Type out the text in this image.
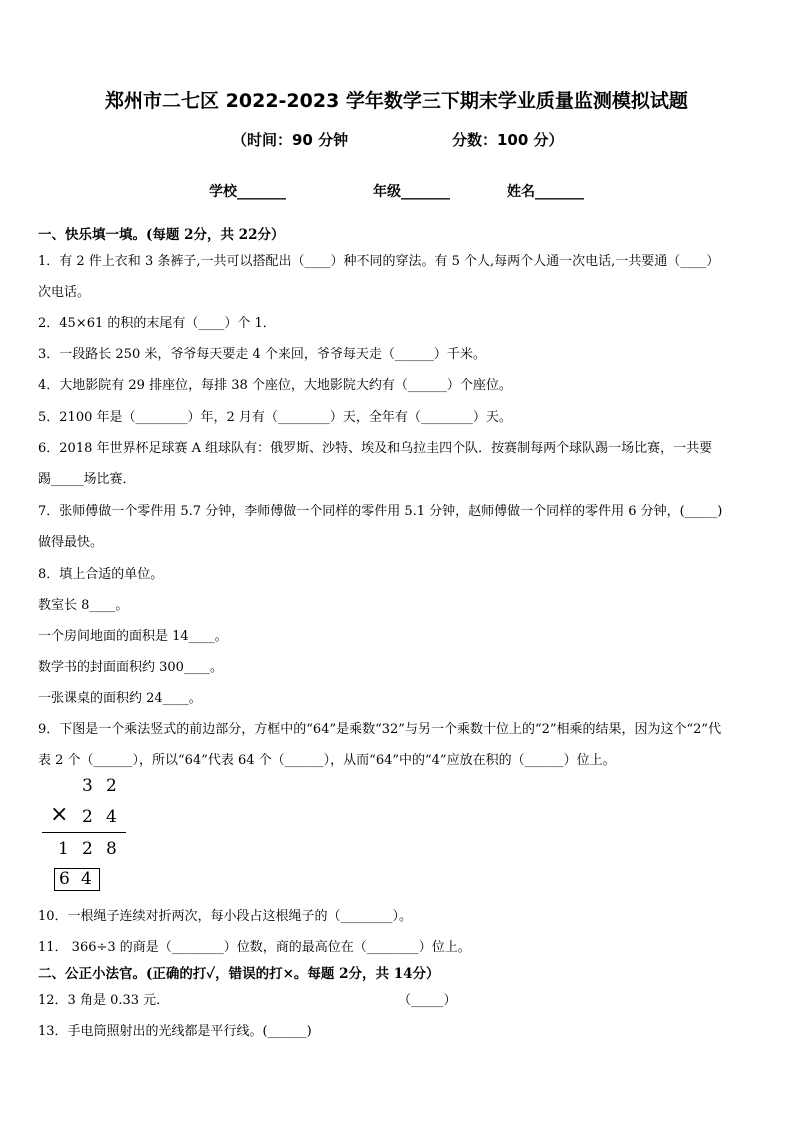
郑州市二七区 2022-2023 学年数学三下期末学业质量监测模拟试题
（时间：90 分钟	分数：100 分）
学校_______	年级_______	姓名_______
一、快乐填一填。(每题 2分，共 22分）
1．有 2 件上衣和 3 条裤子,一共可以搭配出（____）种不同的穿法。有 5 个人,每两个人通一次电话,一共要通（____）
次电话。
2．45×61 的积的末尾有（____）个 1．
3．一段路长 250 米，爷爷每天要走 4 个来回，爷爷每天走（______）千米。
4．大地影院有 29 排座位，每排 38 个座位，大地影院大约有（______）个座位。
5．2100 年是（________）年，2 月有（________）天，全年有（________）天。
6．2018 年世界杯足球赛 A 组球队有：俄罗斯、沙特、埃及和乌拉圭四个队．按赛制每两个球队踢一场比赛，一共要
踢_____场比赛．
7．张师傅做一个零件用 5.7 分钟，李师傅做一个同样的零件用 5.1 分钟，赵师傅做一个同样的零件用 6 分钟，(_____)
做得最快。
8．填上合适的单位。
教室长 8____。
一个房间地面的面积是 14____。
数学书的封面面积约 300____。
一张课桌的面积约 24____。
9．下图是一个乘法竖式的前边部分，方框中的“64”是乘数“32”与另一个乘数十位上的“2”相乘的结果，因为这个“2”代
表 2 个（______），所以“64”代表 64 个（______），从而“64”中的“4”应放在积的（______）位上。
3 2
× 2 4
1 2 8
6 4
10．一根绳子连续对折两次，每小段占这根绳子的（________）。
11． 366÷3 的商是（________）位数，商的最高位在（________）位上。
二、公正小法官。(正确的打✓，错误的打×。每题 2分，共 14分）
12．3 角是 0.33 元．	（_____）
13．手电筒照射出的光线都是平行线。(______)
